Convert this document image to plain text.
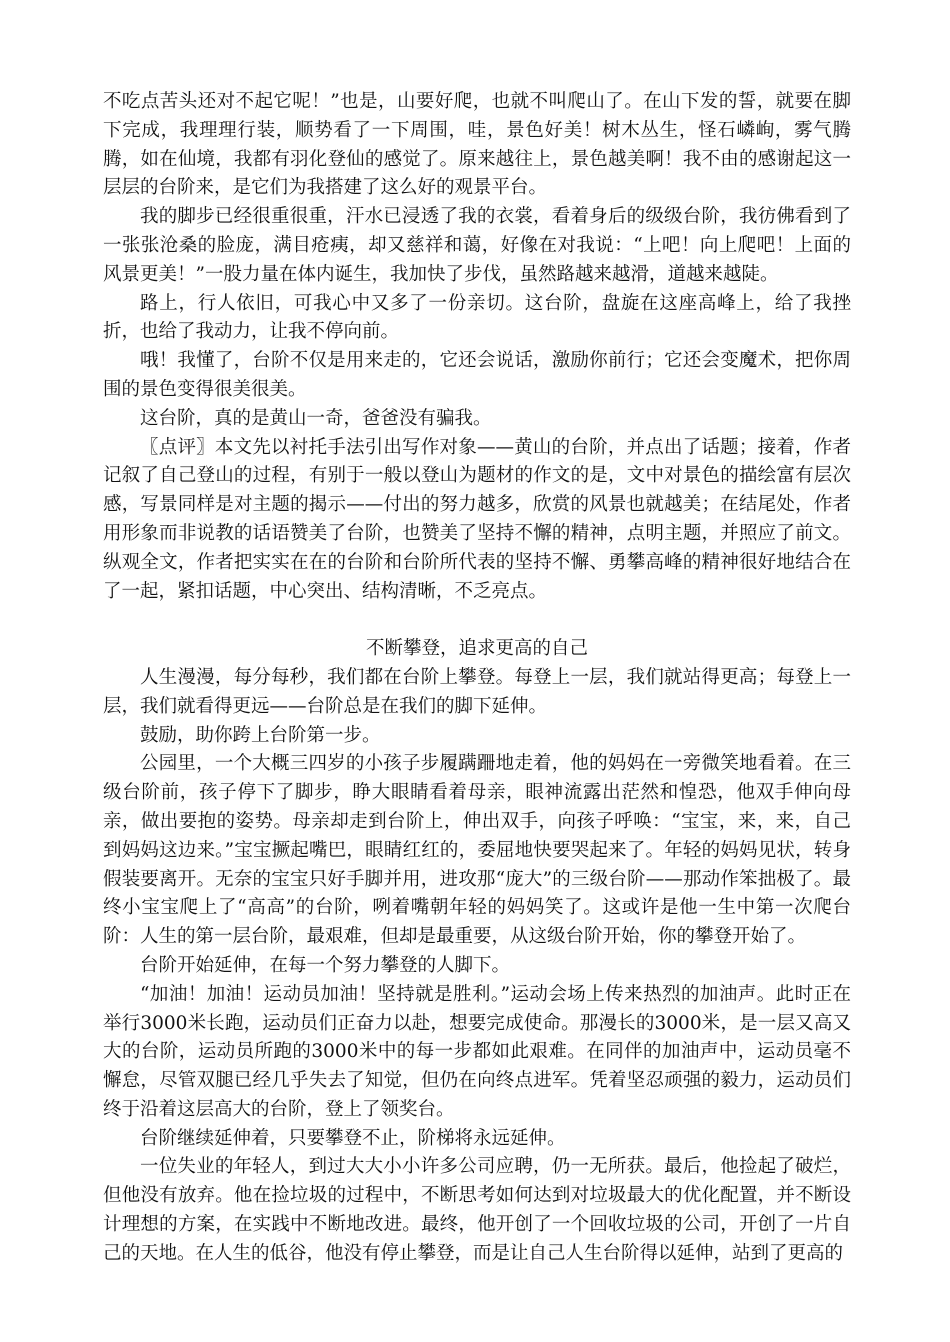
不吃点苦头还对不起它呢！”也是，山要好爬，也就不叫爬山了。在山下发的誓，就要在脚下完成，我理理行装，顺势看了一下周围，哇，景色好美！树木丛生，怪石嶙峋，雾气腾腾，如在仙境，我都有羽化登仙的感觉了。原来越往上，景色越美啊！我不由的感谢起这一层层的台阶来，是它们为我搭建了这么好的观景平台。

我的脚步已经很重很重，汗水已浸透了我的衣裳，看着身后的级级台阶，我彷佛看到了一张张沧桑的脸庞，满目疮痍，却又慈祥和蔼，好像在对我说：“上吧！向上爬吧！上面的风景更美！”一股力量在体内诞生，我加快了步伐，虽然路越来越滑，道越来越陡。

路上，行人依旧，可我心中又多了一份亲切。这台阶，盘旋在这座高峰上，给了我挫折，也给了我动力，让我不停向前。

哦！我懂了，台阶不仅是用来走的，它还会说话，激励你前行；它还会变魔术，把你周围的景色变得很美很美。

这台阶，真的是黄山一奇，爸爸没有骗我。

〖点评〗本文先以衬托手法引出写作对象——黄山的台阶，并点出了话题；接着，作者记叙了自己登山的过程，有别于一般以登山为题材的作文的是，文中对景色的描绘富有层次感，写景同样是对主题的揭示——付出的努力越多，欣赏的风景也就越美；在结尾处，作者用形象而非说教的话语赞美了台阶，也赞美了坚持不懈的精神，点明主题，并照应了前文。纵观全文，作者把实实在在的台阶和台阶所代表的坚持不懈、勇攀高峰的精神很好地结合在了一起，紧扣话题，中心突出、结构清晰，不乏亮点。

不断攀登，追求更高的自己

人生漫漫，每分每秒，我们都在台阶上攀登。每登上一层，我们就站得更高；每登上一层，我们就看得更远——台阶总是在我们的脚下延伸。

鼓励，助你跨上台阶第一步。

公园里，一个大概三四岁的小孩子步履蹒跚地走着，他的妈妈在一旁微笑地看着。在三级台阶前，孩子停下了脚步，睁大眼睛看着母亲，眼神流露出茫然和惶恐，他双手伸向母亲，做出要抱的姿势。母亲却走到台阶上，伸出双手，向孩子呼唤：“宝宝，来，来，自己到妈妈这边来。”宝宝撅起嘴巴，眼睛红红的，委屈地快要哭起来了。年轻的妈妈见状，转身假装要离开。无奈的宝宝只好手脚并用，进攻那“庞大”的三级台阶——那动作笨拙极了。最终小宝宝爬上了“高高”的台阶，咧着嘴朝年轻的妈妈笑了。这或许是他一生中第一次爬台阶：人生的第一层台阶，最艰难，但却是最重要，从这级台阶开始，你的攀登开始了。

台阶开始延伸，在每一个努力攀登的人脚下。

“加油！加油！运动员加油！坚持就是胜利。”运动会场上传来热烈的加油声。此时正在举行3000米长跑，运动员们正奋力以赴，想要完成使命。那漫长的3000米，是一层又高又大的台阶，运动员所跑的3000米中的每一步都如此艰难。在同伴的加油声中，运动员毫不懈怠，尽管双腿已经几乎失去了知觉，但仍在向终点进军。凭着坚忍顽强的毅力，运动员们终于沿着这层高大的台阶，登上了领奖台。

台阶继续延伸着，只要攀登不止，阶梯将永远延伸。

一位失业的年轻人，到过大大小小许多公司应聘，仍一无所获。最后，他捡起了破烂，但他没有放弃。他在捡垃圾的过程中，不断思考如何达到对垃圾最大的优化配置，并不断设计理想的方案，在实践中不断地改进。最终，他开创了一个回收垃圾的公司，开创了一片自己的天地。在人生的低谷，他没有停止攀登，而是让自己人生台阶得以延伸，站到了更高的
